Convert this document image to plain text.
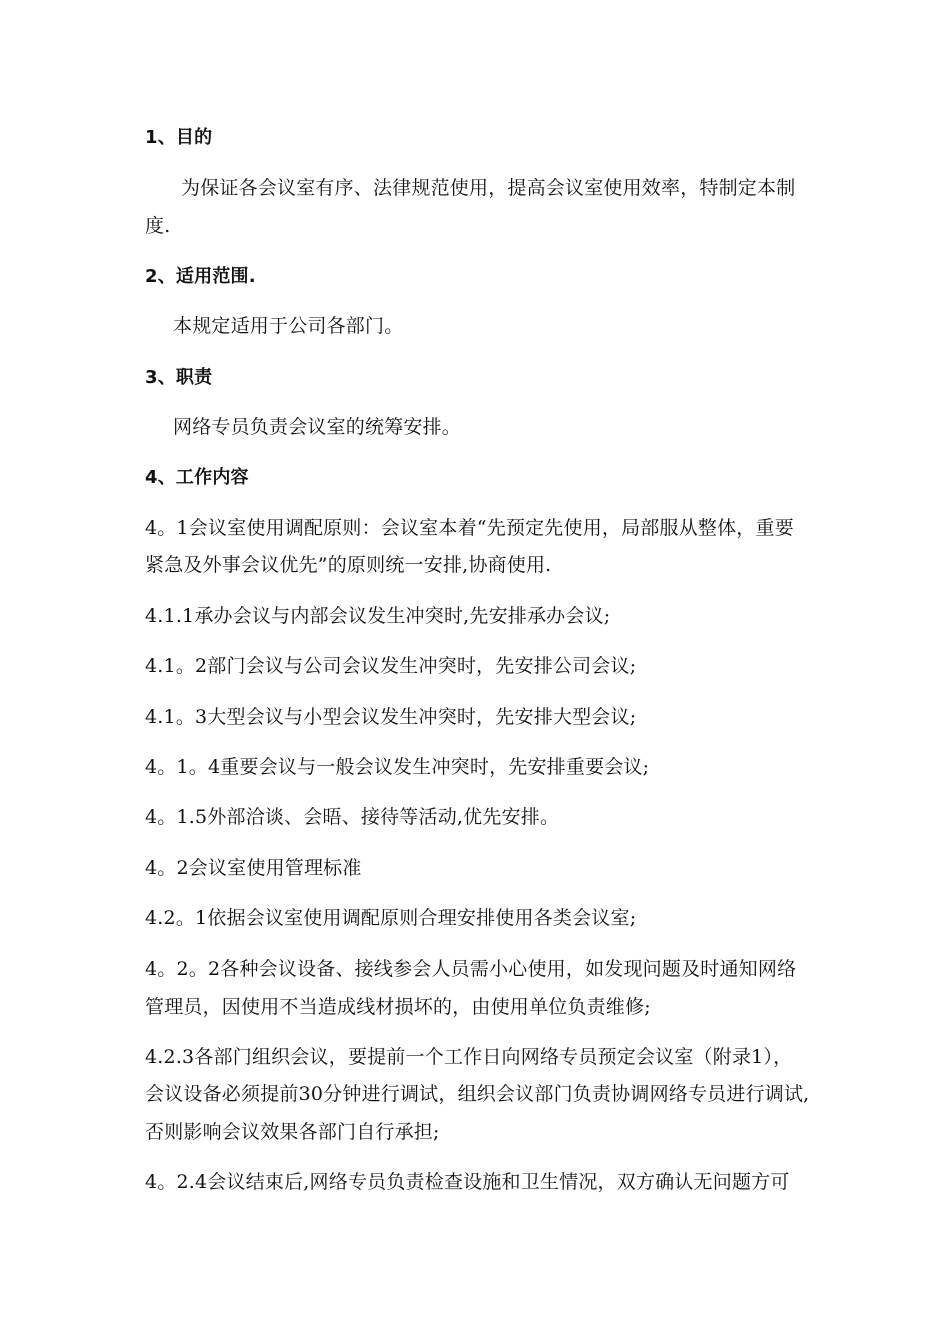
1、目的
为保证各会议室有序、法律规范使用，提高会议室使用效率，特制定本制
度.
2、适用范围.
本规定适用于公司各部门。
3、职责
网络专员负责会议室的统筹安排。
4、工作内容
4。1会议室使用调配原则：会议室本着“先预定先使用，局部服从整体，重要
紧急及外事会议优先”的原则统一安排,协商使用.
4.1.1承办会议与内部会议发生冲突时,先安排承办会议;
4.1。2部门会议与公司会议发生冲突时，先安排公司会议;
4.1。3大型会议与小型会议发生冲突时，先安排大型会议;
4。1。4重要会议与一般会议发生冲突时，先安排重要会议;
4。1.5外部洽谈、会晤、接待等活动,优先安排。
4。2会议室使用管理标准
4.2。1依据会议室使用调配原则合理安排使用各类会议室;
4。2。2各种会议设备、接线参会人员需小心使用，如发现问题及时通知网络
管理员，因使用不当造成线材损坏的，由使用单位负责维修;
4.2.3各部门组织会议，要提前一个工作日向网络专员预定会议室（附录1），
会议设备必须提前30分钟进行调试，组织会议部门负责协调网络专员进行调试,
否则影响会议效果各部门自行承担;
4。2.4会议结束后,网络专员负责检查设施和卫生情况，双方确认无问题方可
